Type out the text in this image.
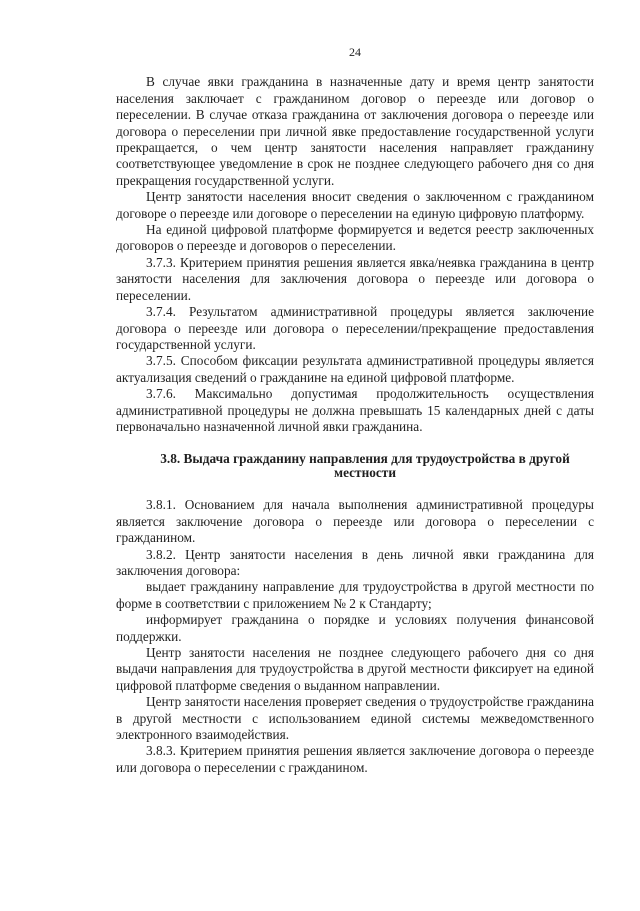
24

В случае явки гражданина в назначенные дату и время центр занятости населения заключает с гражданином договор о переезде или договор о переселении. В случае отказа гражданина от заключения договора о переезде или договора о переселении при личной явке предоставление государственной услуги прекращается, о чем центр занятости населения направляет гражданину соответствующее уведомление в срок не позднее следующего рабочего дня со дня прекращения государственной услуги.

Центр занятости населения вносит сведения о заключенном с гражданином договоре о переезде или договоре о переселении на единую цифровую платформу.

На единой цифровой платформе формируется и ведется реестр заключенных договоров о переезде и договоров о переселении.

3.7.3. Критерием принятия решения является явка/неявка гражданина в центр занятости населения для заключения договора о переезде или договора о переселении.

3.7.4. Результатом административной процедуры является заключение договора о переезде или договора о переселении/прекращение предоставления государственной услуги.

3.7.5. Способом фиксации результата административной процедуры является актуализация сведений о гражданине на единой цифровой платформе.

3.7.6. Максимально допустимая продолжительность осуществления административной процедуры не должна превышать 15 календарных дней с даты первоначально назначенной личной явки гражданина.

3.8. Выдача гражданину направления для трудоустройства в другой местности

3.8.1. Основанием для начала выполнения административной процедуры является заключение договора о переезде или договора о переселении с гражданином.

3.8.2. Центр занятости населения в день личной явки гражданина для заключения договора:

выдает гражданину направление для трудоустройства в другой местности по форме в соответствии с приложением № 2 к Стандарту;

информирует гражданина о порядке и условиях получения финансовой поддержки.

Центр занятости населения не позднее следующего рабочего дня со дня выдачи направления для трудоустройства в другой местности фиксирует на единой цифровой платформе сведения о выданном направлении.

Центр занятости населения проверяет сведения о трудоустройстве гражданина в другой местности с использованием единой системы межведомственного электронного взаимодействия.

3.8.3. Критерием принятия решения является заключение договора о переезде или договора о переселении с гражданином.
